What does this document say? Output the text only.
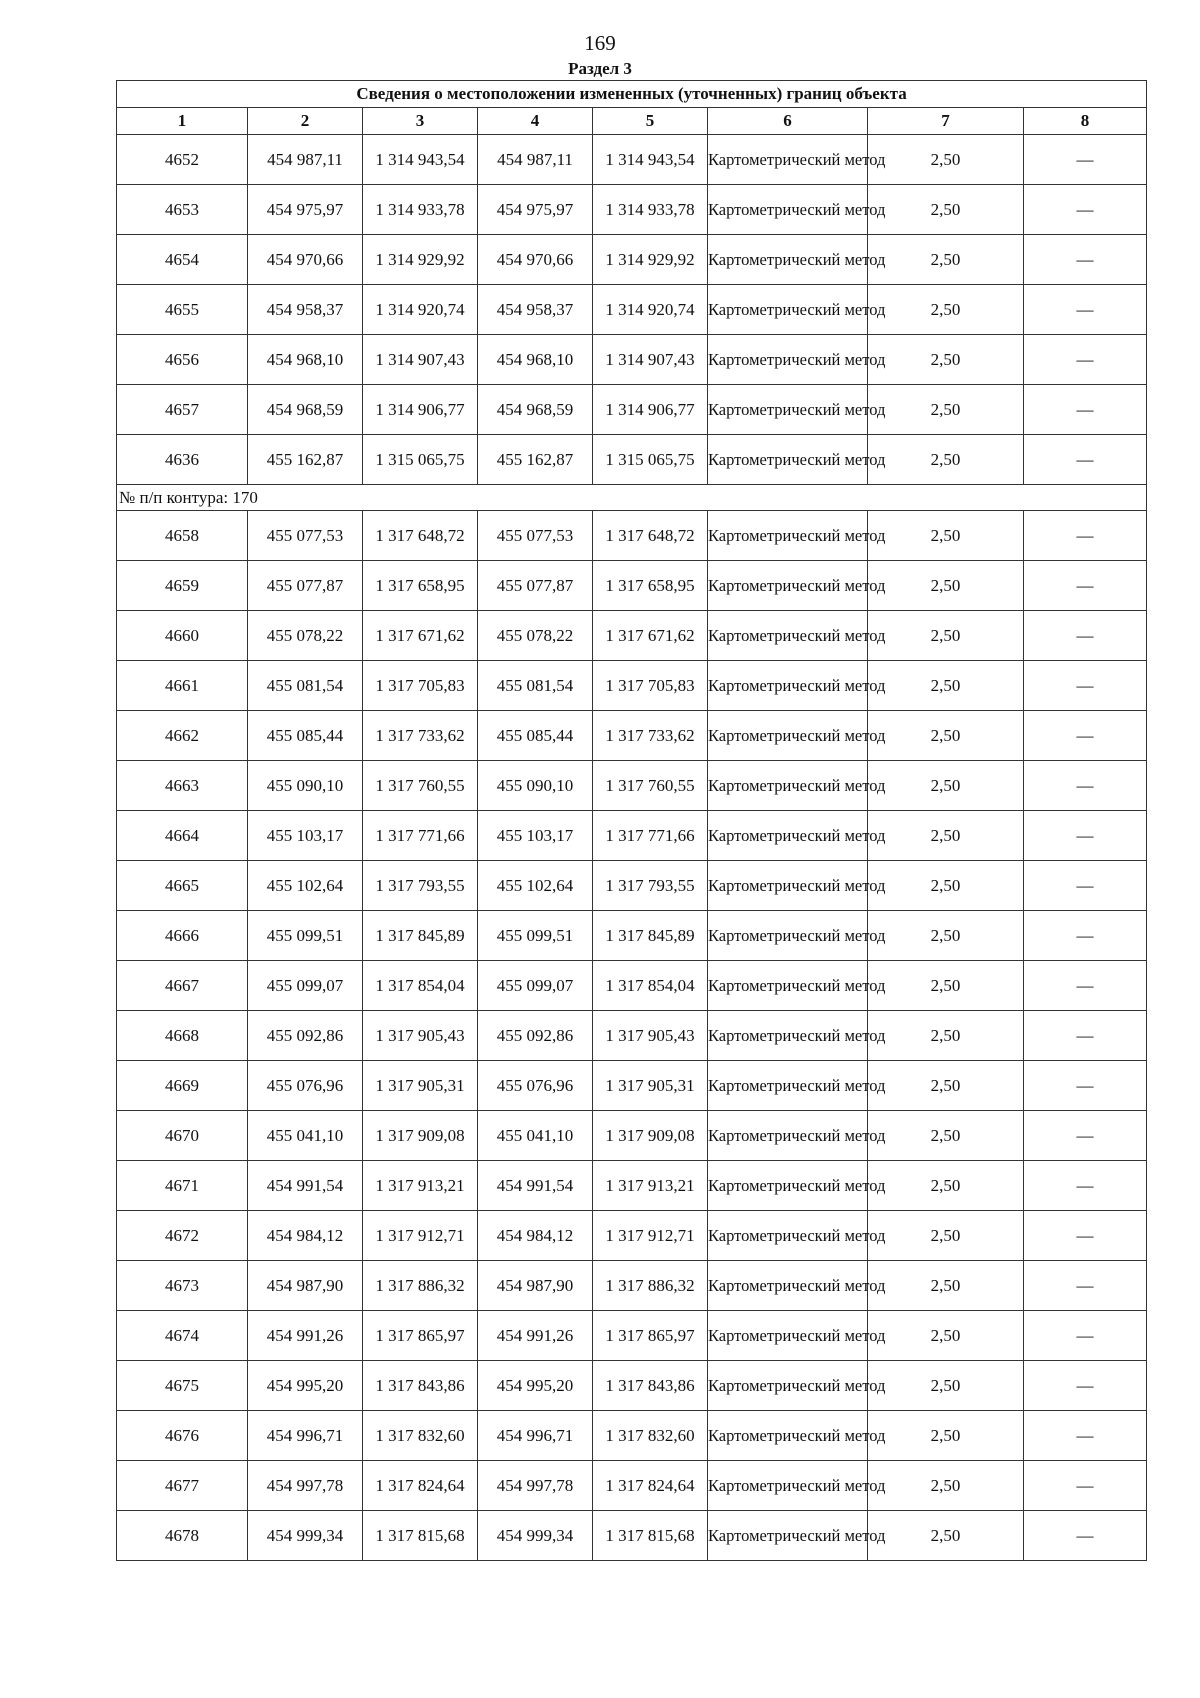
169
Раздел 3
Сведения о местоположении измененных (уточненных) границ объекта							
1	2	3	4	5	6	7	8
4652	454 987,11	1 314 943,54	454 987,11	1 314 943,54	Картометрический метод	2,50	—
4653	454 975,97	1 314 933,78	454 975,97	1 314 933,78	Картометрический метод	2,50	—
4654	454 970,66	1 314 929,92	454 970,66	1 314 929,92	Картометрический метод	2,50	—
4655	454 958,37	1 314 920,74	454 958,37	1 314 920,74	Картометрический метод	2,50	—
4656	454 968,10	1 314 907,43	454 968,10	1 314 907,43	Картометрический метод	2,50	—
4657	454 968,59	1 314 906,77	454 968,59	1 314 906,77	Картометрический метод	2,50	—
4636	455 162,87	1 315 065,75	455 162,87	1 315 065,75	Картометрический метод	2,50	—
№ п/п контура: 170							
4658	455 077,53	1 317 648,72	455 077,53	1 317 648,72	Картометрический метод	2,50	—
4659	455 077,87	1 317 658,95	455 077,87	1 317 658,95	Картометрический метод	2,50	—
4660	455 078,22	1 317 671,62	455 078,22	1 317 671,62	Картометрический метод	2,50	—
4661	455 081,54	1 317 705,83	455 081,54	1 317 705,83	Картометрический метод	2,50	—
4662	455 085,44	1 317 733,62	455 085,44	1 317 733,62	Картометрический метод	2,50	—
4663	455 090,10	1 317 760,55	455 090,10	1 317 760,55	Картометрический метод	2,50	—
4664	455 103,17	1 317 771,66	455 103,17	1 317 771,66	Картометрический метод	2,50	—
4665	455 102,64	1 317 793,55	455 102,64	1 317 793,55	Картометрический метод	2,50	—
4666	455 099,51	1 317 845,89	455 099,51	1 317 845,89	Картометрический метод	2,50	—
4667	455 099,07	1 317 854,04	455 099,07	1 317 854,04	Картометрический метод	2,50	—
4668	455 092,86	1 317 905,43	455 092,86	1 317 905,43	Картометрический метод	2,50	—
4669	455 076,96	1 317 905,31	455 076,96	1 317 905,31	Картометрический метод	2,50	—
4670	455 041,10	1 317 909,08	455 041,10	1 317 909,08	Картометрический метод	2,50	—
4671	454 991,54	1 317 913,21	454 991,54	1 317 913,21	Картометрический метод	2,50	—
4672	454 984,12	1 317 912,71	454 984,12	1 317 912,71	Картометрический метод	2,50	—
4673	454 987,90	1 317 886,32	454 987,90	1 317 886,32	Картометрический метод	2,50	—
4674	454 991,26	1 317 865,97	454 991,26	1 317 865,97	Картометрический метод	2,50	—
4675	454 995,20	1 317 843,86	454 995,20	1 317 843,86	Картометрический метод	2,50	—
4676	454 996,71	1 317 832,60	454 996,71	1 317 832,60	Картометрический метод	2,50	—
4677	454 997,78	1 317 824,64	454 997,78	1 317 824,64	Картометрический метод	2,50	—
4678	454 999,34	1 317 815,68	454 999,34	1 317 815,68	Картометрический метод	2,50	—
